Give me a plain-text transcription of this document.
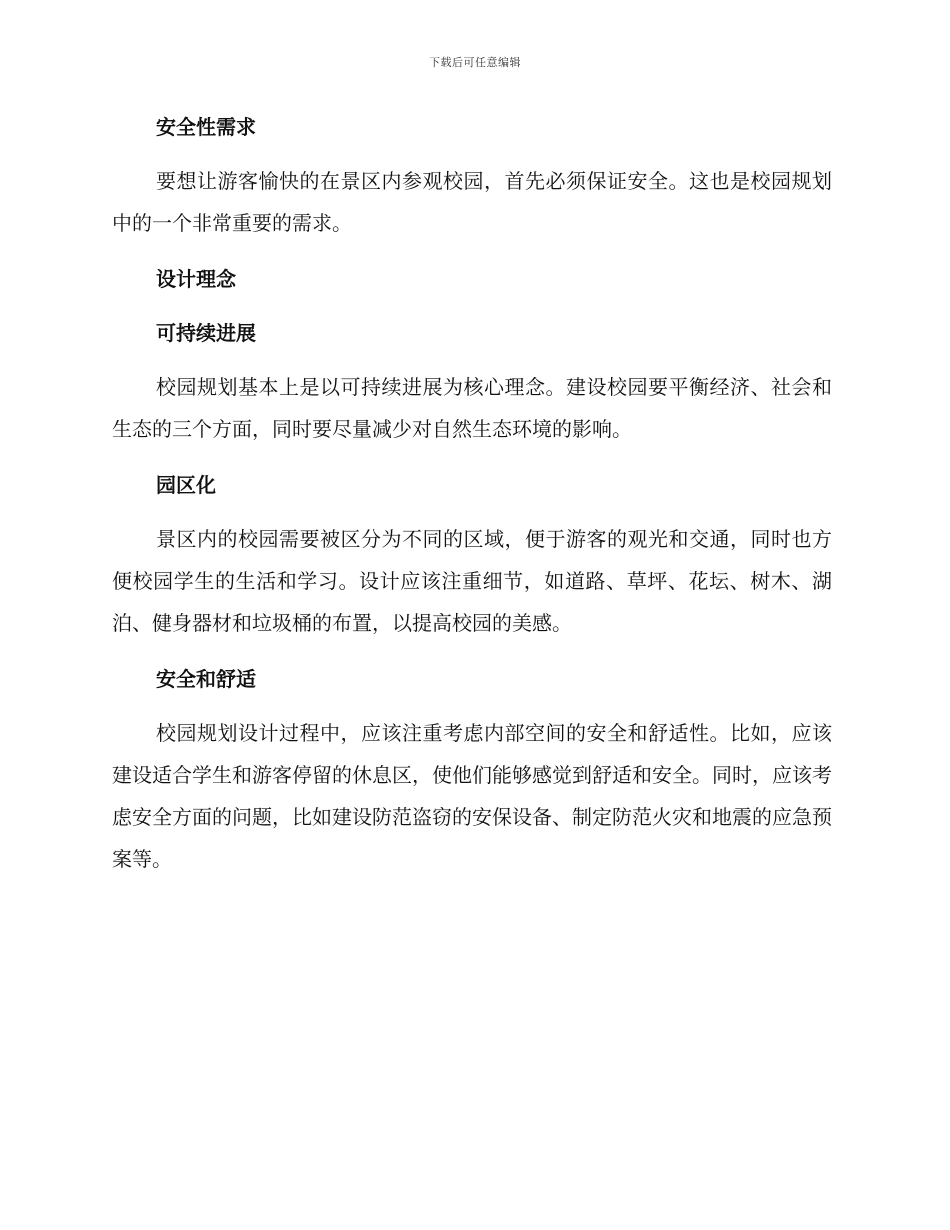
下载后可任意编辑

安全性需求

要想让游客愉快的在景区内参观校园，首先必须保证安全。这也是校园规划中的一个非常重要的需求。

设计理念

可持续进展

校园规划基本上是以可持续进展为核心理念。建设校园要平衡经济、社会和生态的三个方面，同时要尽量减少对自然生态环境的影响。

园区化

景区内的校园需要被区分为不同的区域，便于游客的观光和交通，同时也方便校园学生的生活和学习。设计应该注重细节，如道路、草坪、花坛、树木、湖泊、健身器材和垃圾桶的布置，以提高校园的美感。

安全和舒适

校园规划设计过程中，应该注重考虑内部空间的安全和舒适性。比如，应该建设适合学生和游客停留的休息区，使他们能够感觉到舒适和安全。同时，应该考虑安全方面的问题，比如建设防范盗窃的安保设备、制定防范火灾和地震的应急预案等。
